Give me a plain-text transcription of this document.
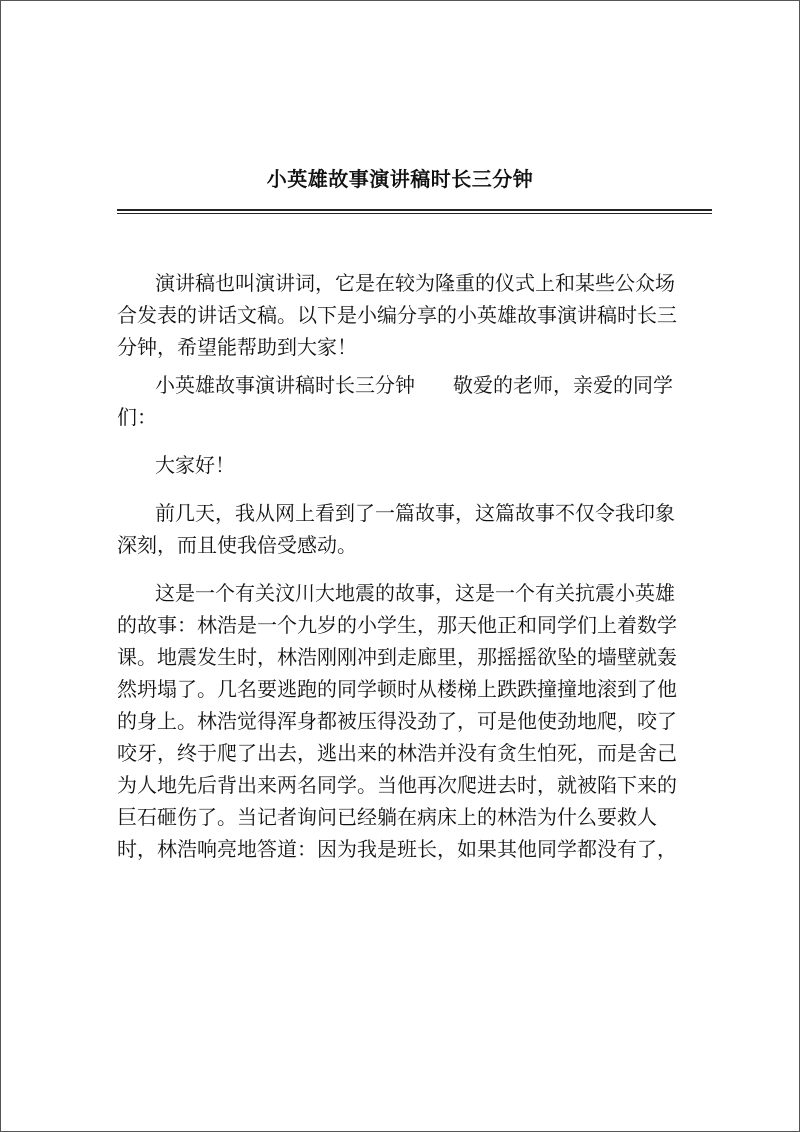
小英雄故事演讲稿时长三分钟
演讲稿也叫演讲词，它是在较为隆重的仪式上和某些公众场
合发表的讲话文稿。以下是小编分享的小英雄故事演讲稿时长三
分钟，希望能帮助到大家！
小英雄故事演讲稿时长三分钟 敬爱的老师，亲爱的同学
们：
大家好！
前几天，我从网上看到了一篇故事，这篇故事不仅令我印象
深刻，而且使我倍受感动。
这是一个有关汶川大地震的故事，这是一个有关抗震小英雄
的故事：林浩是一个九岁的小学生，那天他正和同学们上着数学
课。地震发生时，林浩刚刚冲到走廊里，那摇摇欲坠的墙壁就轰
然坍塌了。几名要逃跑的同学顿时从楼梯上跌跌撞撞地滚到了他
的身上。林浩觉得浑身都被压得没劲了，可是他使劲地爬，咬了
咬牙，终于爬了出去，逃出来的林浩并没有贪生怕死，而是舍己
为人地先后背出来两名同学。当他再次爬进去时，就被陷下来的
巨石砸伤了。当记者询问已经躺在病床上的林浩为什么要救人
时，林浩响亮地答道：因为我是班长，如果其他同学都没有了，
